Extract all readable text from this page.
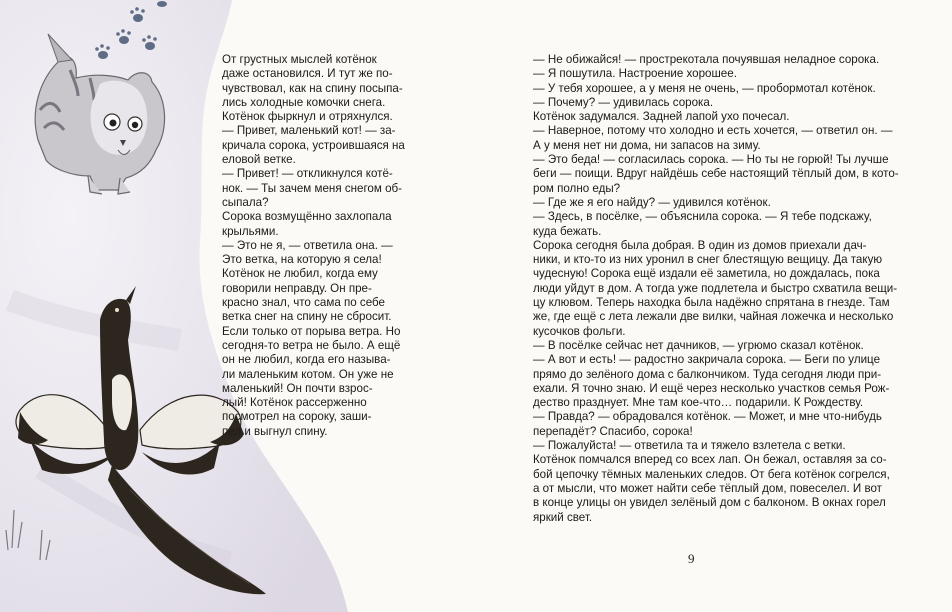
От грустных мыслей котёнок
даже остановился. И тут же по-
чувствовал, как на спину посыпа-
лись холодные комочки снега.

Котёнок фыркнул и отряхнулся.

— Привет, маленький кот! — за-
кричала сорока, устроившаяся на
еловой ветке.

— Привет! — откликнулся котё-
нок. — Ты зачем меня снегом об-
сыпала?

Сорока возмущённо захлопала
крыльями.

— Это не я, — ответила она. —
Это ветка, на которую я села!

Котёнок не любил, когда ему
говорили неправду. Он пре-
красно знал, что сама по себе
ветка снег на спину не сбросит.
Если только от порыва ветра. Но
сегодня-то ветра не было. А ещё
он не любил, когда его называ-
ли маленьким котом. Он уже не
маленький! Он почти взрос-
лый! Котёнок рассерженно
посмотрел на сороку, заши-
пел и выгнул спину.

— Не обижайся! — прострекотала почуявшая неладное сорока.
— Я пошутила. Настроение хорошее.

— У тебя хорошее, а у меня не очень, — пробормотал котёнок.

— Почему? — удивилась сорока.

Котёнок задумался. Задней лапой ухо почесал.

— Наверное, потому что холодно и есть хочется, — ответил он. —
А у меня нет ни дома, ни запасов на зиму.

— Это беда! — согласилась сорока. — Но ты не горюй! Ты лучше
беги — поищи. Вдруг найдёшь себе настоящий тёплый дом, в кото-
ром полно еды?

— Где же я его найду? — удивился котёнок.

— Здесь, в посёлке, — объяснила сорока. — Я тебе подскажу,
куда бежать.

Сорока сегодня была добрая. В один из домов приехали дач-
ники, и кто-то из них уронил в снег блестящую вещицу. Да такую
чудесную! Сорока ещё издали её заметила, но дождалась, пока
люди уйдут в дом. А тогда уже подлетела и быстро схватила вещи-
цу клювом. Теперь находка была надёжно спрятана в гнезде. Там
же, где ещё с лета лежали две вилки, чайная ложечка и несколько
кусочков фольги.

— В посёлке сейчас нет дачников, — угрюмо сказал котёнок.

— А вот и есть! — радостно закричала сорока. — Беги по улице
прямо до зелёного дома с балкончиком. Туда сегодня люди при-
ехали. Я точно знаю. И ещё через несколько участков семья Рож-
дество празднует. Мне там кое-что… подарили. К Рождеству.

— Правда? — обрадовался котёнок. — Может, и мне что-нибудь
перепадёт? Спасибо, сорока!

— Пожалуйста! — ответила та и тяжело взлетела с ветки.

Котёнок помчался вперед со всех лап. Он бежал, оставляя за со-
бой цепочку тёмных маленьких следов. От бега котёнок согрелся,
а от мысли, что может найти себе тёплый дом, повеселел. И вот
в конце улицы он увидел зелёный дом с балконом. В окнах горел
яркий свет.

9
